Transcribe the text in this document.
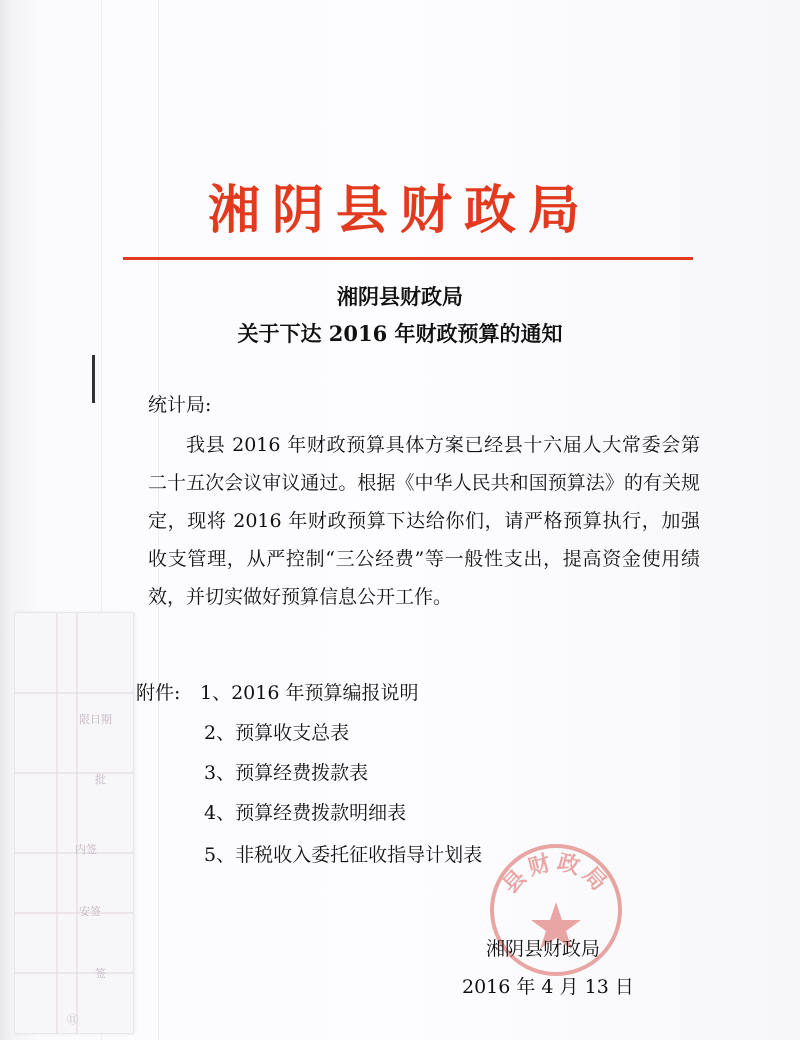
湘阴县财政局
湘阴县财政局
关于下达 2016 年财政预算的通知
统计局:
我县 2016 年财政预算具体方案已经县十六届人大常委会第二十五次会议审议通过。根据《中华人民共和国预算法》的有关规定，现将 2016 年财政预算下达给你们，请严格预算执行，加强收支管理，从严控制“三公经费”等一般性支出，提高资金使用绩效，并切实做好预算信息公开工作。
附件: 1、2016 年预算编报说明
2、预算收支总表
3、预算经费拨款表
4、预算经费拨款明细表
5、非税收入委托征收指导计划表
县财政局
湘阴县财政局
2016 年 4 月 13 日
限日期
批
内签
安签
签
⑪
